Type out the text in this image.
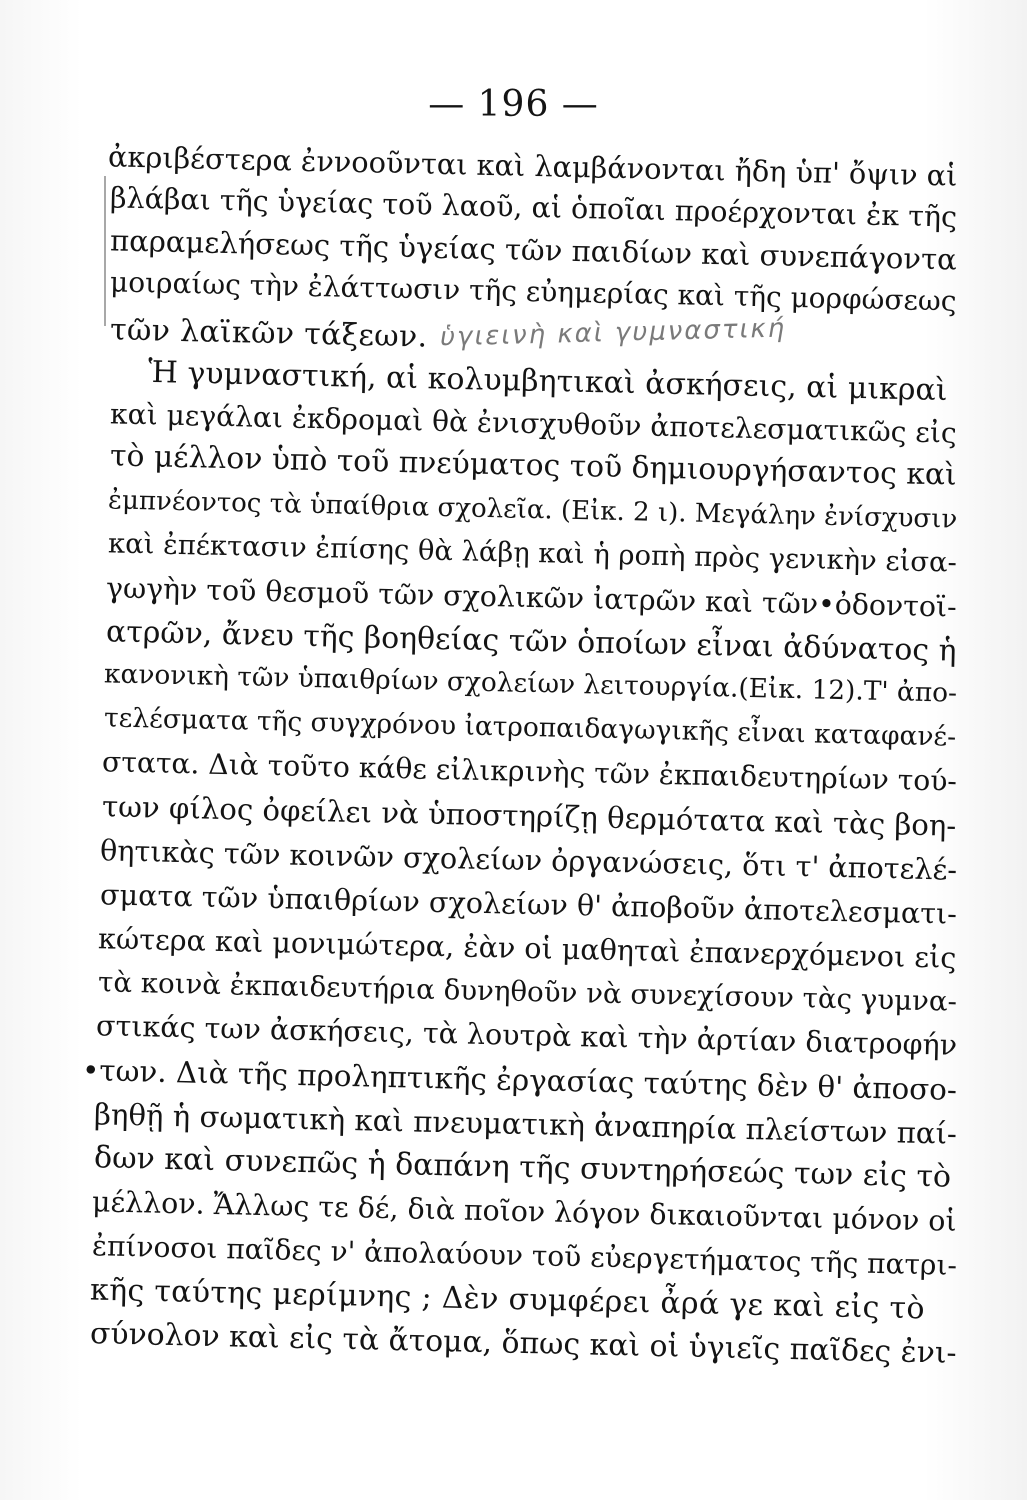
— 196 —
ὑγιεινὴ καὶ γυμναστική
ἀκριβέστερα ἐννοοῦνται καὶ λαμβάνονται ἤδη ὑπ' ὄψιν αἱ
βλάβαι τῆς ὑγείας τοῦ λαοῦ, αἱ ὁποῖαι προέρχονται ἐκ τῆς
παραμελήσεως τῆς ὑγείας τῶν παιδίων καὶ συνεπάγοντα
μοιραίως τὴν ἐλάττωσιν τῆς εὐημερίας καὶ τῆς μορφώσεως
τῶν λαϊκῶν τάξεων.
Ἡ γυμναστική, αἱ κολυμβητικαὶ ἀσκήσεις, αἱ μικραὶ
καὶ μεγάλαι ἐκδρομαὶ θὰ ἐνισχυθοῦν ἀποτελεσματικῶς εἰς
τὸ μέλλον ὑπὸ τοῦ πνεύματος τοῦ δημιουργήσαντος καὶ
ἐμπνέοντος τὰ ὑπαίθρια σχολεῖα. (Εἰκ. 2 ι). Μεγάλην ἐνίσχυσιν
καὶ ἐπέκτασιν ἐπίσης θὰ λάβῃ καὶ ἡ ροπὴ πρὸς γενικὴν εἰσα-
γωγὴν τοῦ θεσμοῦ τῶν σχολικῶν ἰατρῶν καὶ τῶν•ὀδοντοϊ-
ατρῶν, ἄνευ τῆς βοηθείας τῶν ὁποίων εἶναι ἀδύνατος ἡ
κανονικὴ τῶν ὑπαιθρίων σχολείων λειτουργία.(Εἰκ. 12).Τ' ἀπο-
τελέσματα τῆς συγχρόνου ἰατροπαιδαγωγικῆς εἶναι καταφανέ-
στατα. Διὰ τοῦτο κάθε εἰλικρινὴς τῶν ἐκπαιδευτηρίων τού-
των φίλος ὀφείλει νὰ ὑποστηρίζῃ θερμότατα καὶ τὰς βοη-
θητικὰς τῶν κοινῶν σχολείων ὀργανώσεις, ὅτι τ' ἀποτελέ-
σματα τῶν ὑπαιθρίων σχολείων θ' ἀποβοῦν ἀποτελεσματι-
κώτερα καὶ μονιμώτερα, ἐὰν οἱ μαθηταὶ ἐπανερχόμενοι εἰς
τὰ κοινὰ ἐκπαιδευτήρια δυνηθοῦν νὰ συνεχίσουν τὰς γυμνα-
στικάς των ἀσκήσεις, τὰ λουτρὰ καὶ τὴν ἀρτίαν διατροφήν
•των. Διὰ τῆς προληπτικῆς ἐργασίας ταύτης δὲν θ' ἀποσο-
βηθῇ ἡ σωματικὴ καὶ πνευματικὴ ἀναπηρία πλείστων παί-
δων καὶ συνεπῶς ἡ δαπάνη τῆς συντηρήσεώς των εἰς τὸ
μέλλον. Ἄλλως τε δέ, διὰ ποῖον λόγον δικαιοῦνται μόνον οἱ
ἐπίνοσοι παῖδες ν' ἀπολαύουν τοῦ εὐεργετήματος τῆς πατρι-
κῆς ταύτης μερίμνης ; Δὲν συμφέρει ἆρά γε καὶ εἰς τὸ
σύνολον καὶ εἰς τὰ ἄτομα, ὅπως καὶ οἱ ὑγιεῖς παῖδες ἐνι-
